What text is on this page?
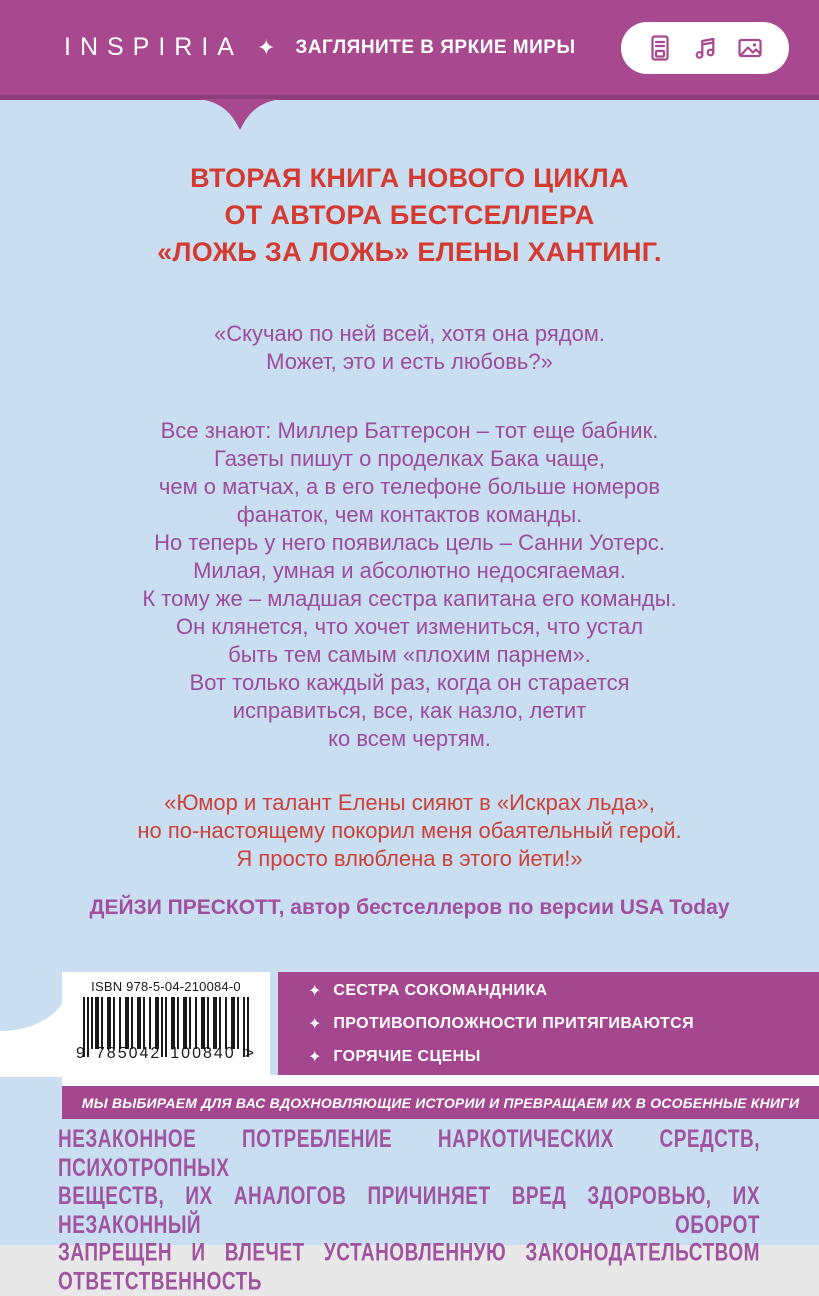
INSPIRIA ✦ ЗАГЛЯНИТЕ В ЯРКИЕ МИРЫ
ВТОРАЯ КНИГА НОВОГО ЦИКЛА
ОТ АВТОРА БЕСТСЕЛЛЕРА
«ЛОЖЬ ЗА ЛОЖЬ» ЕЛЕНЫ ХАНТИНГ.
«Скучаю по ней всей, хотя она рядом.
Может, это и есть любовь?»
Все знают: Миллер Баттерсон – тот еще бабник.
Газеты пишут о проделках Бака чаще,
чем о матчах, а в его телефоне больше номеров
фанаток, чем контактов команды.
Но теперь у него появилась цель – Санни Уотерс.
Милая, умная и абсолютно недосягаемая.
К тому же – младшая сестра капитана его команды.
Он клянется, что хочет измениться, что устал
быть тем самым «плохим парнем».
Вот только каждый раз, когда он старается
исправиться, все, как назло, летит
ко всем чертям.
«Юмор и талант Елены сияют в «Искрах льда»,
но по-настоящему покорил меня обаятельный герой.
Я просто влюблена в этого йети!»
ДЕЙЗИ ПРЕСКОТТ, автор бестселлеров по версии USA Today
ISBN 978-5-04-210084-0
9 785042 100840 >
✦ СЕСТРА СОКОМАНДНИКА
✦ ПРОТИВОПОЛОЖНОСТИ ПРИТЯГИВАЮТСЯ
✦ ГОРЯЧИЕ СЦЕНЫ
МЫ ВЫБИРАЕМ ДЛЯ ВАС ВДОХНОВЛЯЮЩИЕ ИСТОРИИ И ПРЕВРАЩАЕМ ИХ В ОСОБЕННЫЕ КНИГИ
НЕЗАКОННОЕ ПОТРЕБЛЕНИЕ НАРКОТИЧЕСКИХ СРЕДСТВ, ПСИХОТРОПНЫХ
ВЕЩЕСТВ, ИХ АНАЛОГОВ ПРИЧИНЯЕТ ВРЕД ЗДОРОВЬЮ, ИХ НЕЗАКОННЫЙ ОБОРОТ
ЗАПРЕЩЕН И ВЛЕЧЕТ УСТАНОВЛЕННУЮ ЗАКОНОДАТЕЛЬСТВОМ ОТВЕТСТВЕННОСТЬ
